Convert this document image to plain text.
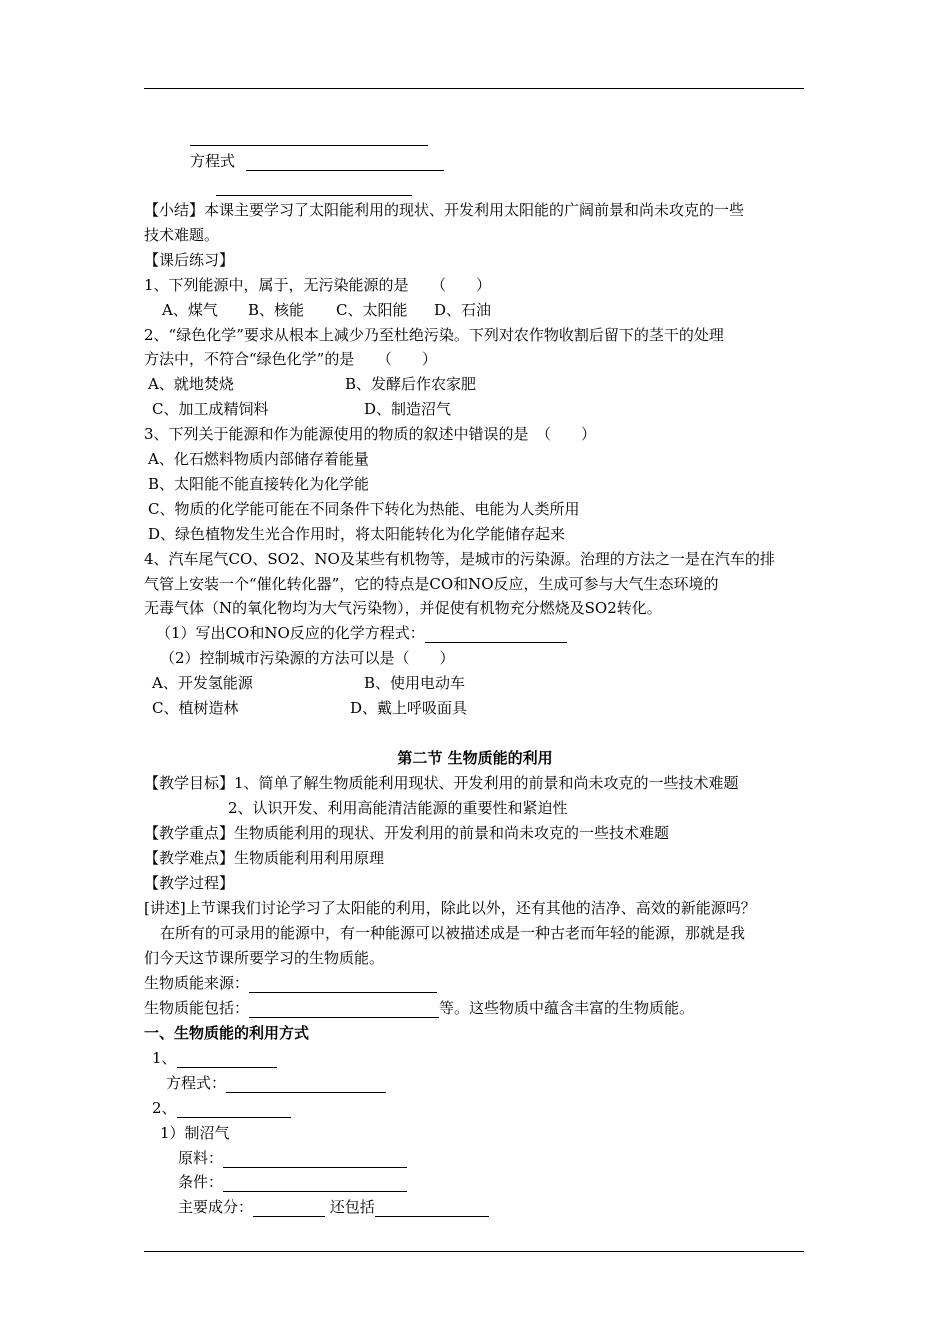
方程式
【小结】本课主要学习了太阳能利用的现状、开发利用太阳能的广阔前景和尚未攻克的一些
技术难题。
【课后练习】
1、下列能源中，属于，无污染能源的是　　（　　）
A、煤气 B、核能 C、太阳能 D、石油
2、“绿色化学”要求从根本上减少乃至杜绝污染。下列对农作物收割后留下的茎干的处理
方法中，不符合“绿色化学”的是　　（　　）
A、就地焚烧	B、发酵后作农家肥
C、加工成精饲料	D、制造沼气
3、下列关于能源和作为能源使用的物质的叙述中错误的是　（　　）
A、化石燃料物质内部储存着能量
B、太阳能不能直接转化为化学能
C、物质的化学能可能在不同条件下转化为热能、电能为人类所用
D、绿色植物发生光合作用时，将太阳能转化为化学能储存起来
4、汽车尾气CO、SO2、NO及某些有机物等，是城市的污染源。治理的方法之一是在汽车的排
气管上安装一个“催化转化器”，它的特点是CO和NO反应，生成可参与大气生态环境的
无毒气体（N的氧化物均为大气污染物），并促使有机物充分燃烧及SO2转化。
（1）写出CO和NO反应的化学方程式：
（2）控制城市污染源的方法可以是（　　）
A、开发氢能源	B、使用电动车
C、植树造林	D、戴上呼吸面具
第二节 生物质能的利用
【教学目标】1、简单了解生物质能利用现状、开发利用的前景和尚未攻克的一些技术难题
2、认识开发、利用高能清洁能源的重要性和紧迫性
【教学重点】生物质能利用的现状、开发利用的前景和尚未攻克的一些技术难题
【教学难点】生物质能利用利用原理
【教学过程】
[讲述]上节课我们讨论学习了太阳能的利用，除此以外，还有其他的洁净、高效的新能源吗？
在所有的可录用的能源中，有一种能源可以被描述成是一种古老而年轻的能源，那就是我
们今天这节课所要学习的生物质能。
生物质能来源：
生物质能包括：	等。这些物质中蕴含丰富的生物质能。
一、生物质能的利用方式
1、
方程式：
2、
1）制沼气
原料：
条件：
主要成分：	还包括
